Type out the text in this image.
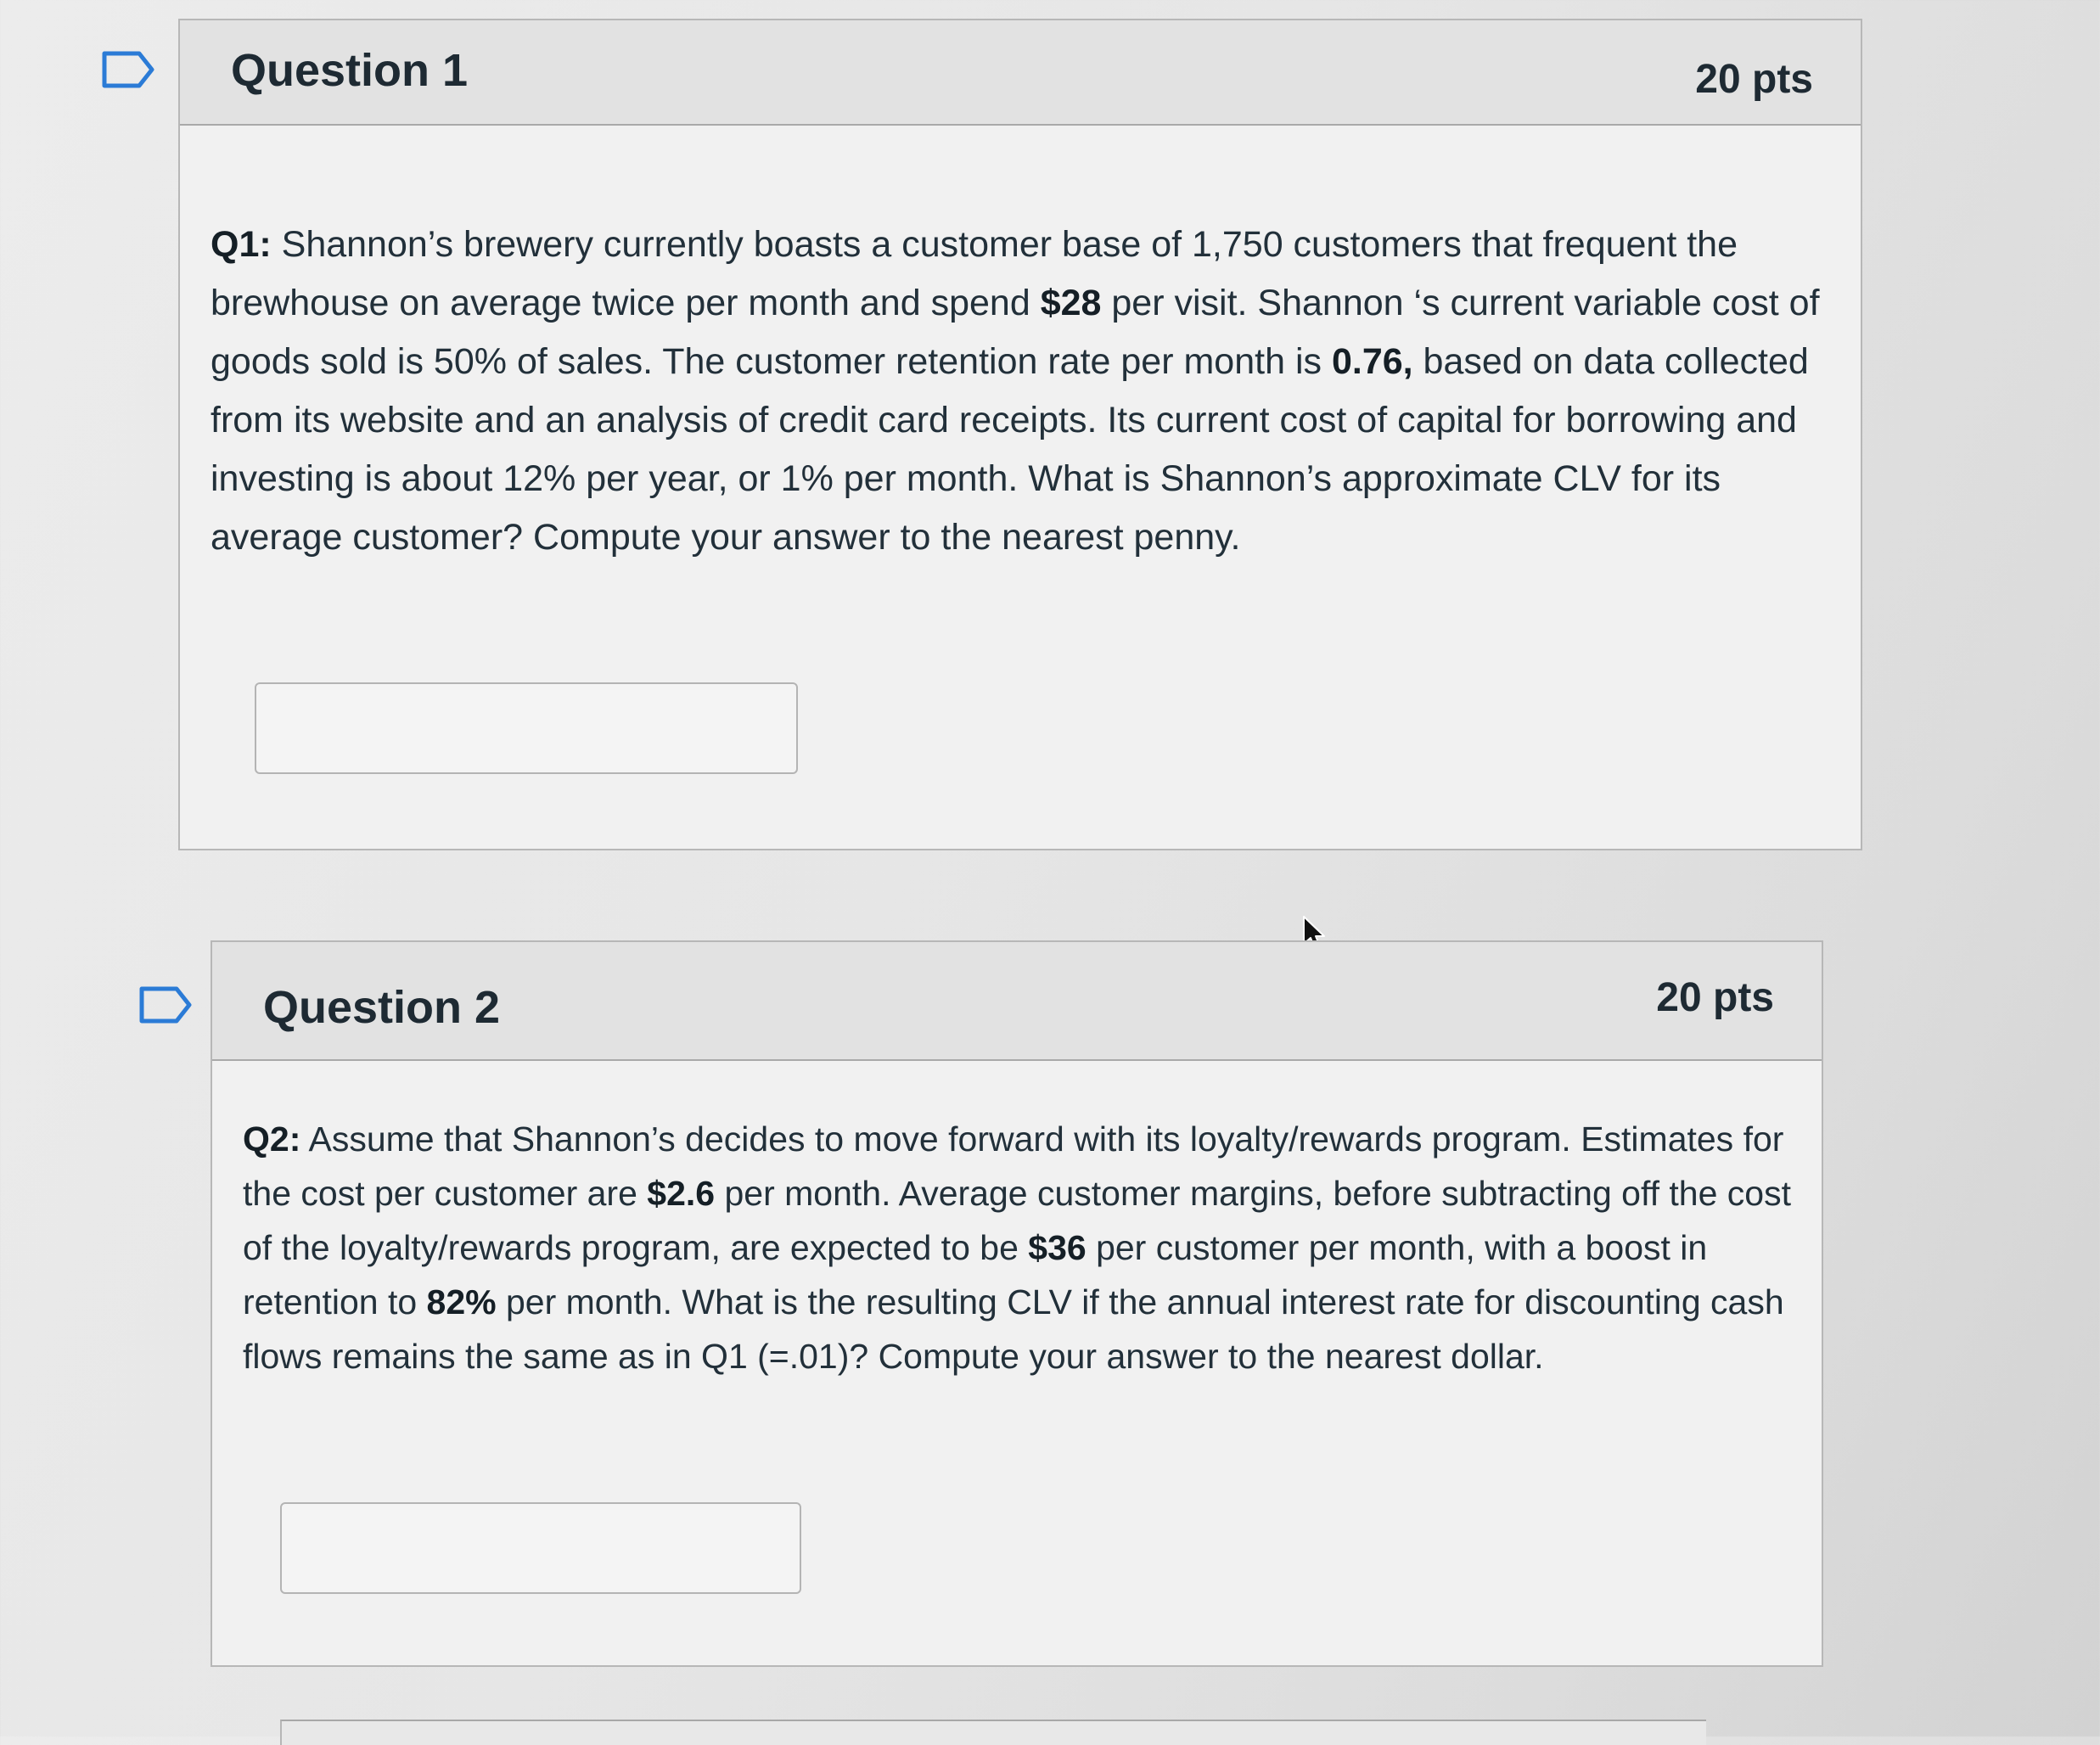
Question 1	20 pts
Q1: Shannon’s brewery currently boasts a customer base of 1,750 customers that frequent the brewhouse on average twice per month and spend $28 per visit. Shannon ‘s current variable cost of goods sold is 50% of sales. The customer retention rate per month is 0.76, based on data collected from its website and an analysis of credit card receipts. Its current cost of capital for borrowing and investing is about 12% per year, or 1% per month. What is Shannon’s approximate CLV for its average customer? Compute your answer to the nearest penny.
Question 2	20 pts
Q2: Assume that Shannon’s decides to move forward with its loyalty/rewards program. Estimates for the cost per customer are $2.6 per month. Average customer margins, before subtracting off the cost of the loyalty/rewards program, are expected to be $36 per customer per month, with a boost in retention to 82% per month. What is the resulting CLV if the annual interest rate for discounting cash flows remains the same as in Q1 (=.01)? Compute your answer to the nearest dollar.
